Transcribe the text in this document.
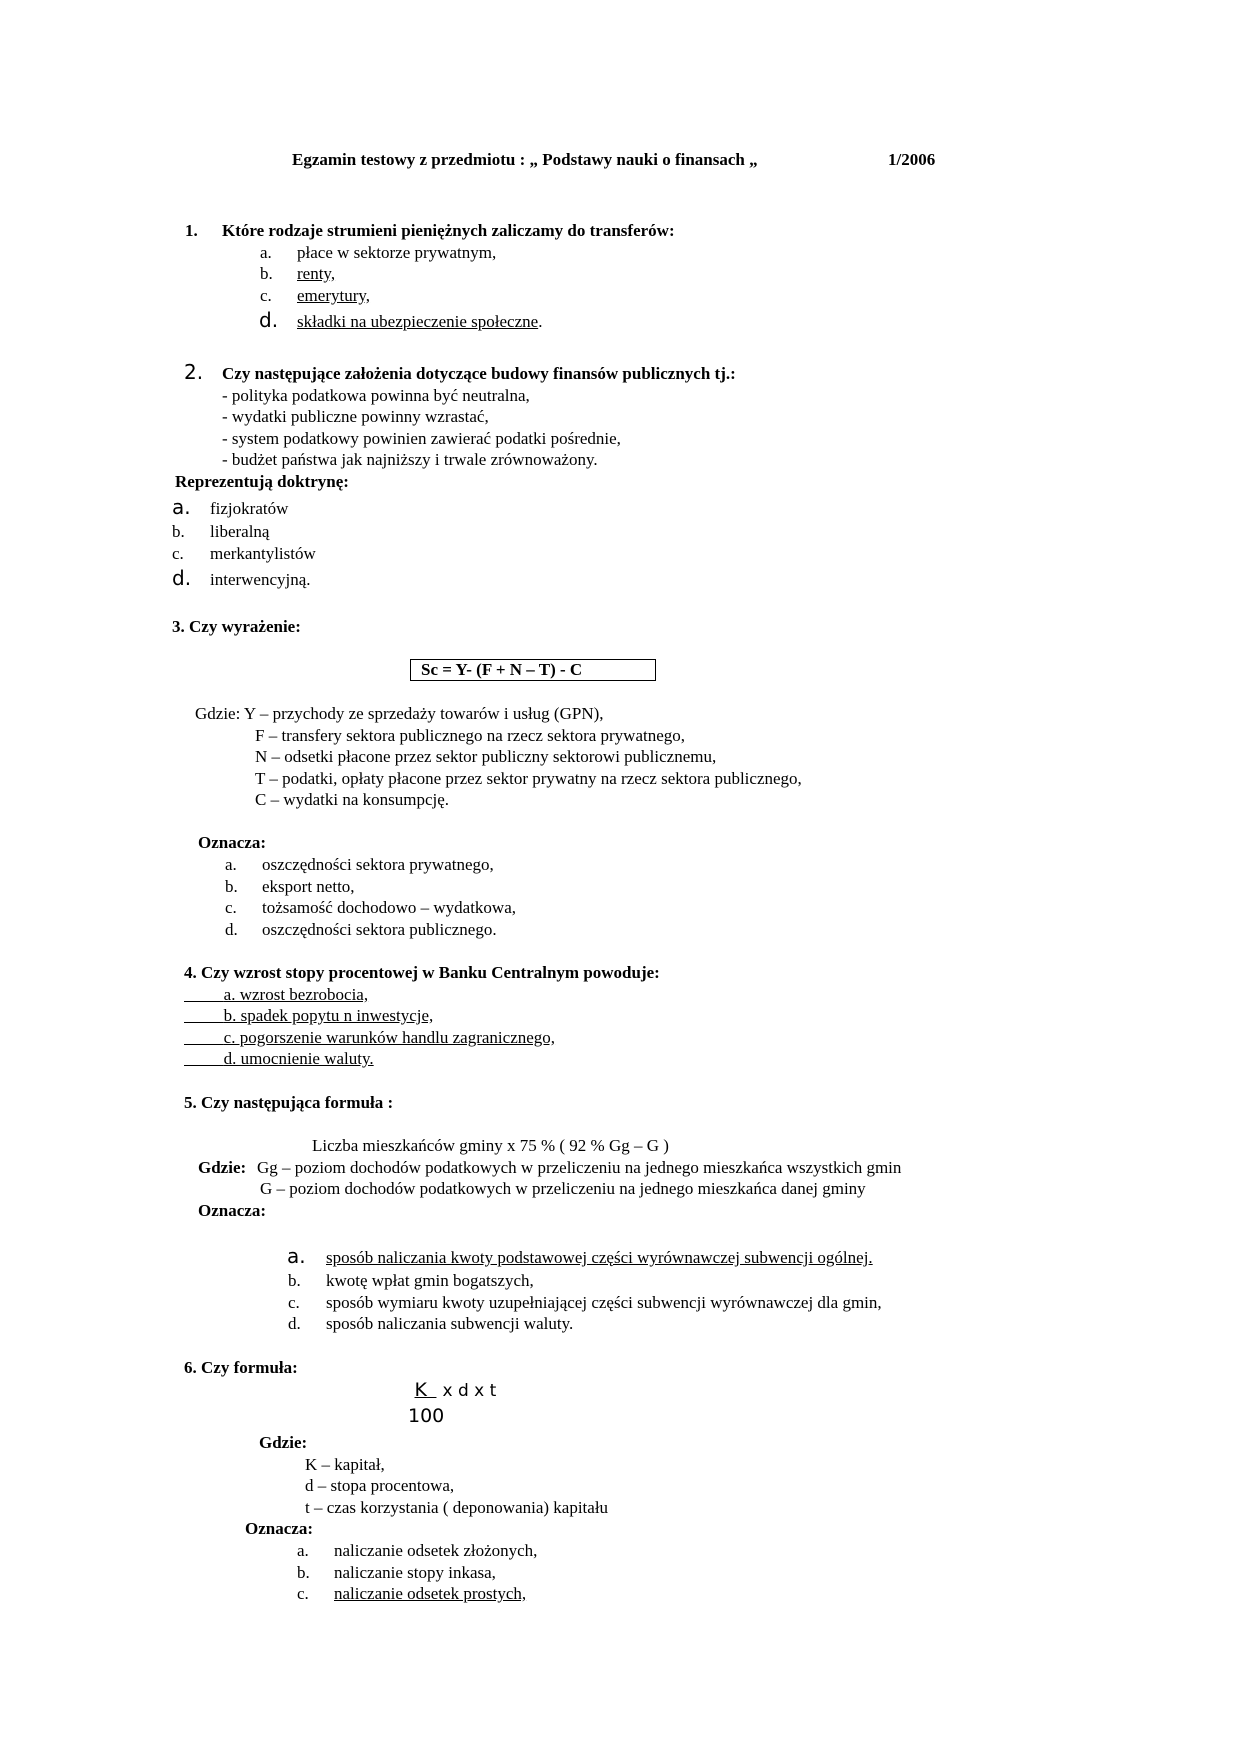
Egzamin testowy z przedmiotu : „ Podstawy nauki o finansach „	1/2006
1. Które rodzaje strumieni pieniężnych zaliczamy do transferów:
a. płace w sektorze prywatnym,
b. renty,
c. emerytury,
d. składki na ubezpieczenie społeczne.
2. Czy następujące założenia dotyczące budowy finansów publicznych tj.:
- polityka podatkowa powinna być neutralna,
- wydatki publiczne powinny wzrastać,
- system podatkowy powinien zawierać podatki pośrednie,
- budżet państwa jak najniższy i trwale zrównoważony.
Reprezentują doktrynę:
a. fizjokratów
b. liberalną
c. merkantylistów
d. interwencyjną.
3. Czy wyrażenie:
Sc = Y- (F + N – T) - C
Gdzie: Y – przychody ze sprzedaży towarów i usług (GPN),
F – transfery sektora publicznego na rzecz sektora prywatnego,
N – odsetki płacone przez sektor publiczny sektorowi publicznemu,
T – podatki, opłaty płacone przez sektor prywatny na rzecz sektora publicznego,
C – wydatki na konsumpcję.
Oznacza:
a. oszczędności sektora prywatnego,
b. eksport netto,
c. tożsamość dochodowo – wydatkowa,
d. oszczędności sektora publicznego.
4. Czy wzrost stopy procentowej w Banku Centralnym powoduje:
   a. wzrost bezrobocia,
   b. spadek popytu n inwestycje,
   c. pogorszenie warunków handlu zagranicznego,
   d. umocnienie waluty.
5. Czy następująca formuła :
Liczba mieszkańców gminy x 75 % ( 92 % Gg – G )
Gdzie: Gg – poziom dochodów podatkowych w przeliczeniu na jednego mieszkańca wszystkich gmin
G – poziom dochodów podatkowych w przeliczeniu na jednego mieszkańca danej gminy
Oznacza:
a. sposób naliczania kwoty podstawowej części wyrównawczej subwencji ogólnej.
b. kwotę wpłat gmin bogatszych,
c. sposób wymiaru kwoty uzupełniającej części subwencji wyrównawczej dla gmin,
d. sposób naliczania subwencji waluty.
6. Czy formuła:
 K  x d x t
100
Gdzie:
K – kapitał,
d – stopa procentowa,
t – czas korzystania ( deponowania) kapitału
Oznacza:
a. naliczanie odsetek złożonych,
b. naliczanie stopy inkasa,
c. naliczanie odsetek prostych,
